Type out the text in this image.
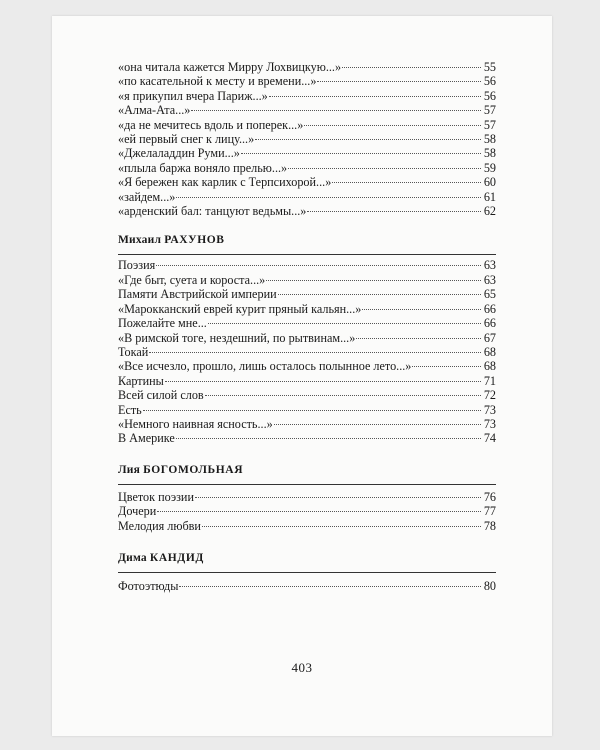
«она читала кажется Мирру Лохвицкую...»	55
«по касательной к месту и времени...»	56
«я прикупил вчера Париж...»	56
«Алма-Ата...»	57
«да не мечитесь вдоль и поперек...»	57
«ей первый снег к лицу...»	58
«Джелаладдин Руми...»	58
«плыла баржа воняло прелью...»	59
«Я бережен как карлик с Терпсихорой...»	60
«зайдем...»	61
«арденский бал: танцуют ведьмы...»	62
Михаил РАХУНОВ
Поэзия	63
«Где быт, суета и короста...»	63
Памяти Австрийской империи	65
«Марокканский еврей курит пряный кальян...»	66
Пожелайте мне...	66
«В римской тоге, нездешний, по рытвинам...»	67
Токай	68
«Все исчезло, прошло, лишь осталось полынное лето...»	68
Картины	71
Всей силой слов	72
Есть	73
«Немного наивная ясность...»	73
В Америке	74
Лия БОГОМОЛЬНАЯ
Цветок поэзии	76
Дочери	77
Мелодия любви	78
Дима КАНДИД
Фотоэтюды	80
403
